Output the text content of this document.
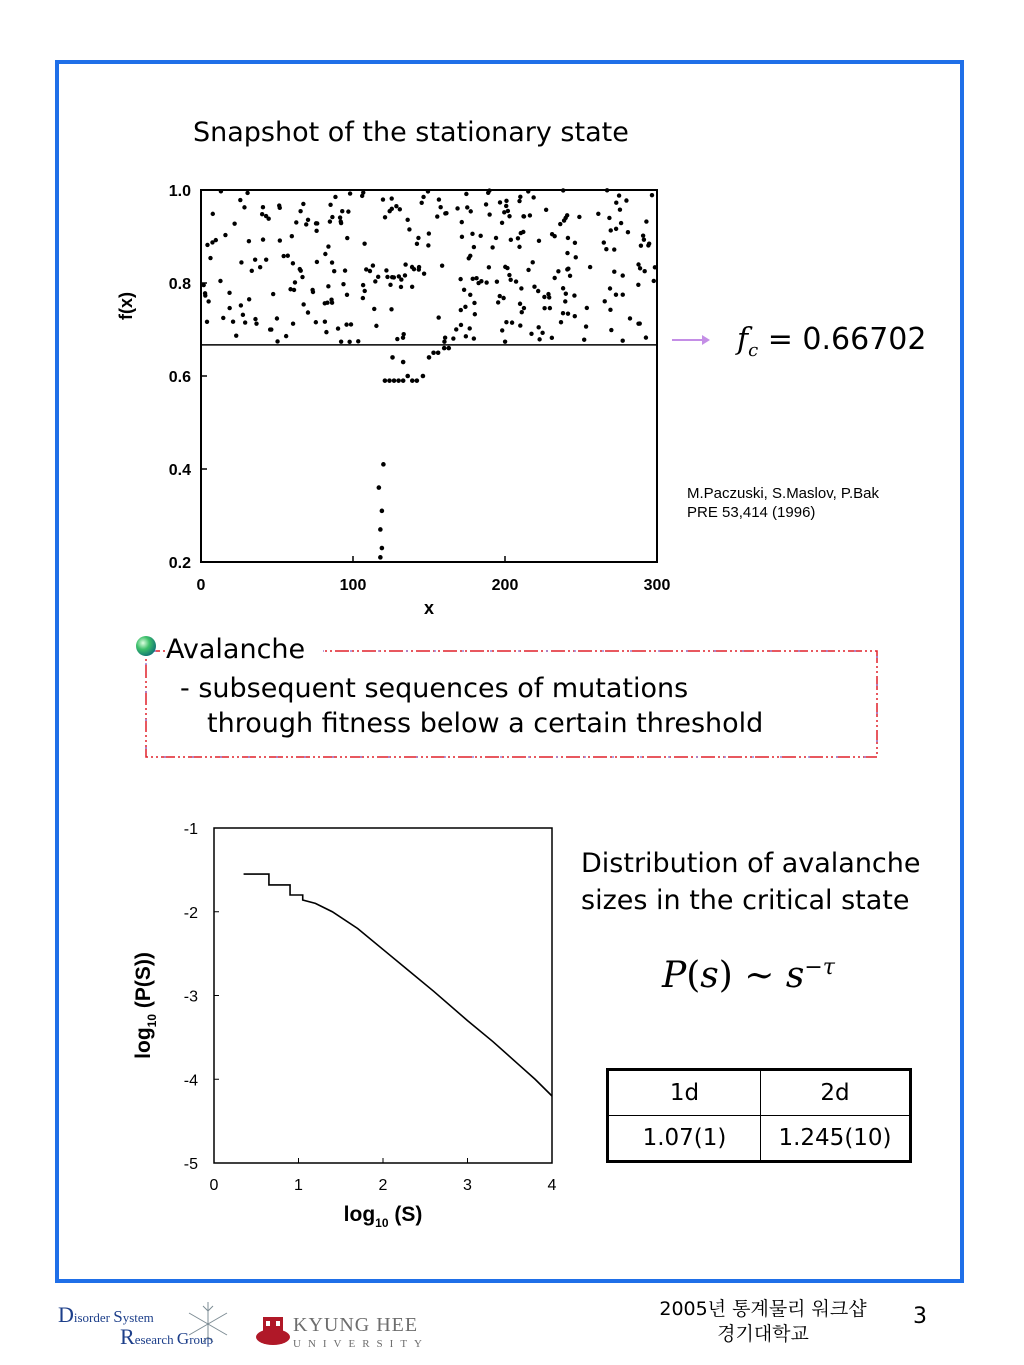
Snapshot of the stationary state
0	100	200	300
0.2
0.4
0.6
0.8
1.0
x
f(x)
$f_c = 0.66702$
M.Paczuski, S.Maslov, P.Bak
PRE 53,414 (1996)
Avalanche
- subsequent sequences of mutations
through fitness below a certain threshold
0	1	2	3	4
-1
-2
-3
-4
-5
$\log_{10} (S)$
$\log_{10} (P(S))$
Distribution of avalanche
sizes in the critical state
P(s) ∼ $s^{-\tau}$
1d	2d
1.07(1)	1.245(10)
Disorder System
Research Group
KYUNG HEE
UNIVERSITY
2005년 통계물리 워크샵
경기대학교
3
